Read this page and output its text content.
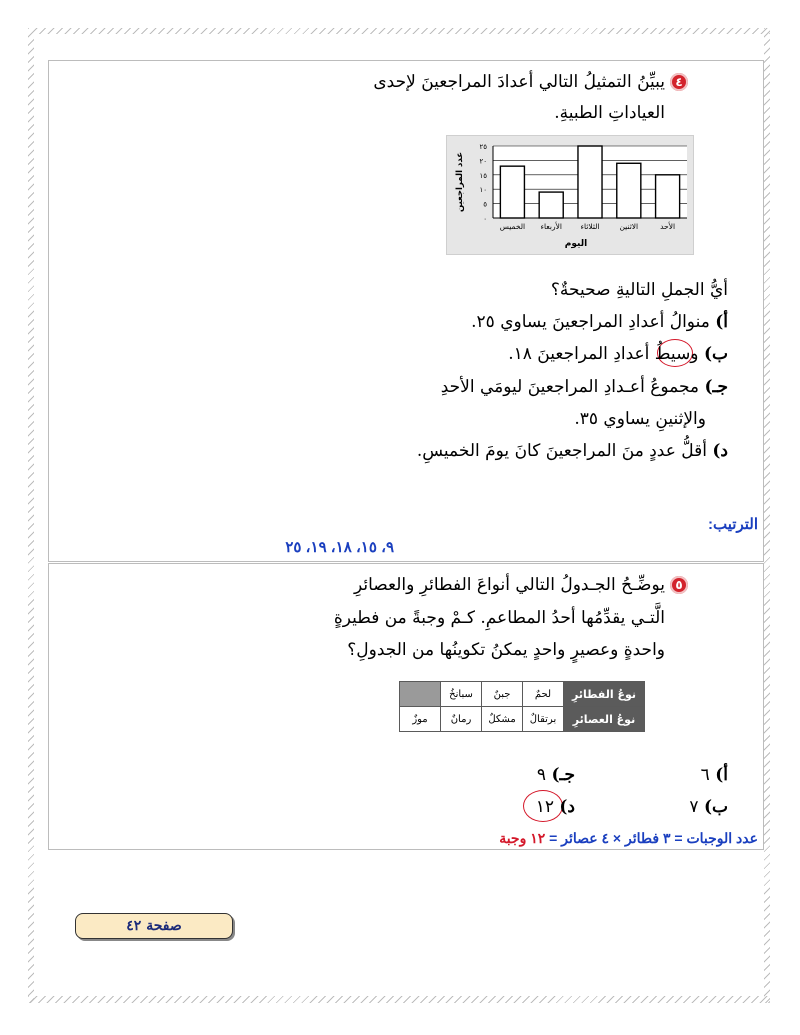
٤
يبيِّنُ التمثيلُ التالي أعدادَ المراجعينَ لإحدى
العياداتِ الطبيةِ.
٠
٥
١٠
١٥
٢٠
٢٥
الأحد
الاثنين
الثلاثاء
الأربعاء
الخميس
اليوم
عدد المراجعين
أيُّ الجملِ التاليةِ صحيحةٌ؟
أ) منوالُ أعدادِ المراجعينَ يساوي ٢٥.
ب) وسيطُ أعدادِ المراجعينَ ١٨.
جـ) مجموعُ أعـدادِ المراجعينَ ليومَي الأحدِ
والإثنينِ يساوي ٣٥.
د) أقلُّ عددٍ منَ المراجعينَ كانَ يومَ الخميسِ.
الترتيب:
٩، ١٥، ١٨، ١٩، ٢٥
٥
يوضِّـحُ الجـدولُ التالي أنواعَ الفطائرِ والعصائرِ
الَّتـي يقدِّمُها أحدُ المطاعمِ. كـمْ وجبةً من فطيرةٍ
واحدةٍ وعصيرٍ واحدٍ يمكنُ تكوينُها من الجدولِ؟
نوعُ الفطائرِ	لحمٌ	جبنٌ	سبانخُ	
نوعُ العصائرِ	برتقالٌ	مشكلٌ	رمانٌ	موزٌ
أ) ٦
جـ) ٩
ب) ٧
د) ١٢
عدد الوجبات = ٣ فطائر × ٤ عصائر = ١٢ وجبة
صفحة ٤٢
